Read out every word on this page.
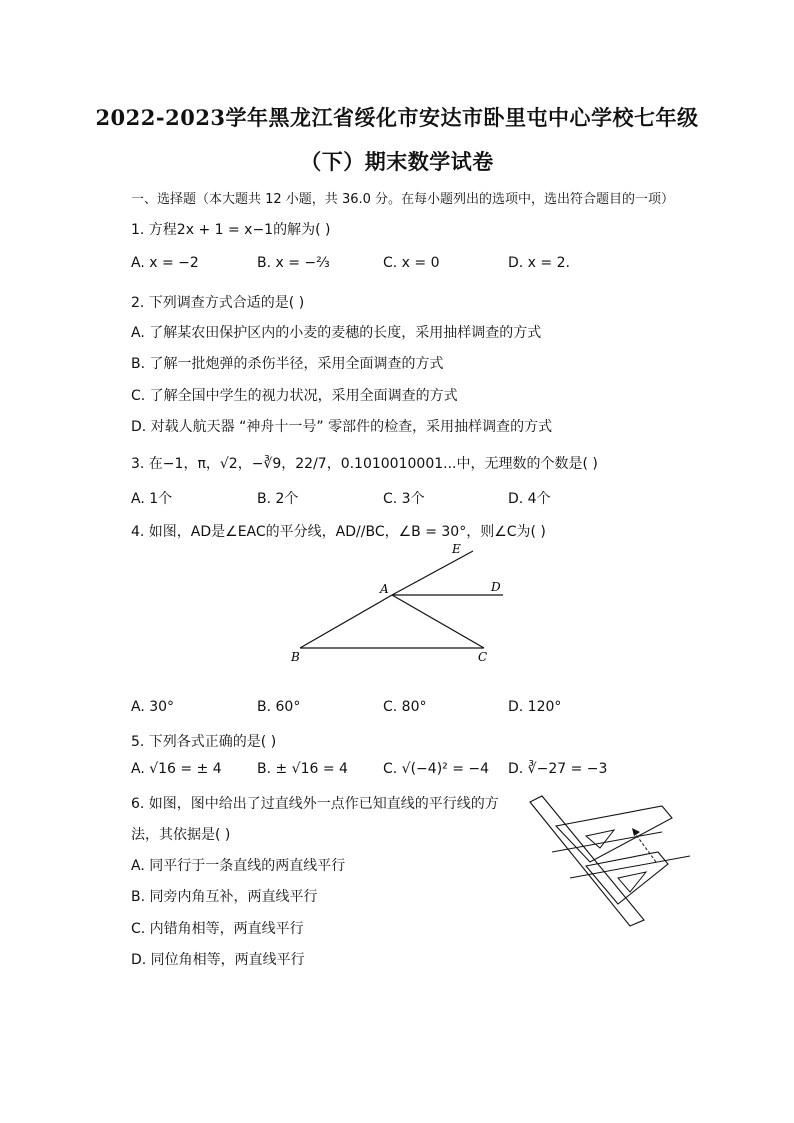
2022-2023学年黑龙江省绥化市安达市卧里屯中心学校七年级
（下）期末数学试卷
一、选择题（本大题共 12 小题，共 36.0 分。在每小题列出的选项中，选出符合题目的一项）
1. 方程2x + 1 = x−1的解为( )
A. x = −2	B. x = −⅔	C. x = 0	D. x = 2.
2. 下列调查方式合适的是( )
A. 了解某农田保护区内的小麦的麦穗的长度，采用抽样调查的方式
B. 了解一批炮弹的杀伤半径，采用全面调查的方式
C. 了解全国中学生的视力状况，采用全面调查的方式
D. 对载人航天器 “神舟十一号” 零部件的检查，采用抽样调查的方式
3. 在−1，π，√2，−∛9，22/7，0.1010010001...中，无理数的个数是( )
A. 1个	B. 2个	C. 3个	D. 4个
4. 如图，AD是∠EAC的平分线，AD//BC，∠B = 30°，则∠C为( )
E
A	D
B	C
A. 30°	B. 60°	C. 80°	D. 120°
5. 下列各式正确的是( )
A. √16 = ± 4	B. ± √16 = 4	C. √(−4)² = −4 D. ∛−27 = −3
6. 如图，图中给出了过直线外一点作已知直线的平行线的方
法，其依据是( )
A. 同平行于一条直线的两直线平行
B. 同旁内角互补，两直线平行
C. 内错角相等，两直线平行
D. 同位角相等，两直线平行
